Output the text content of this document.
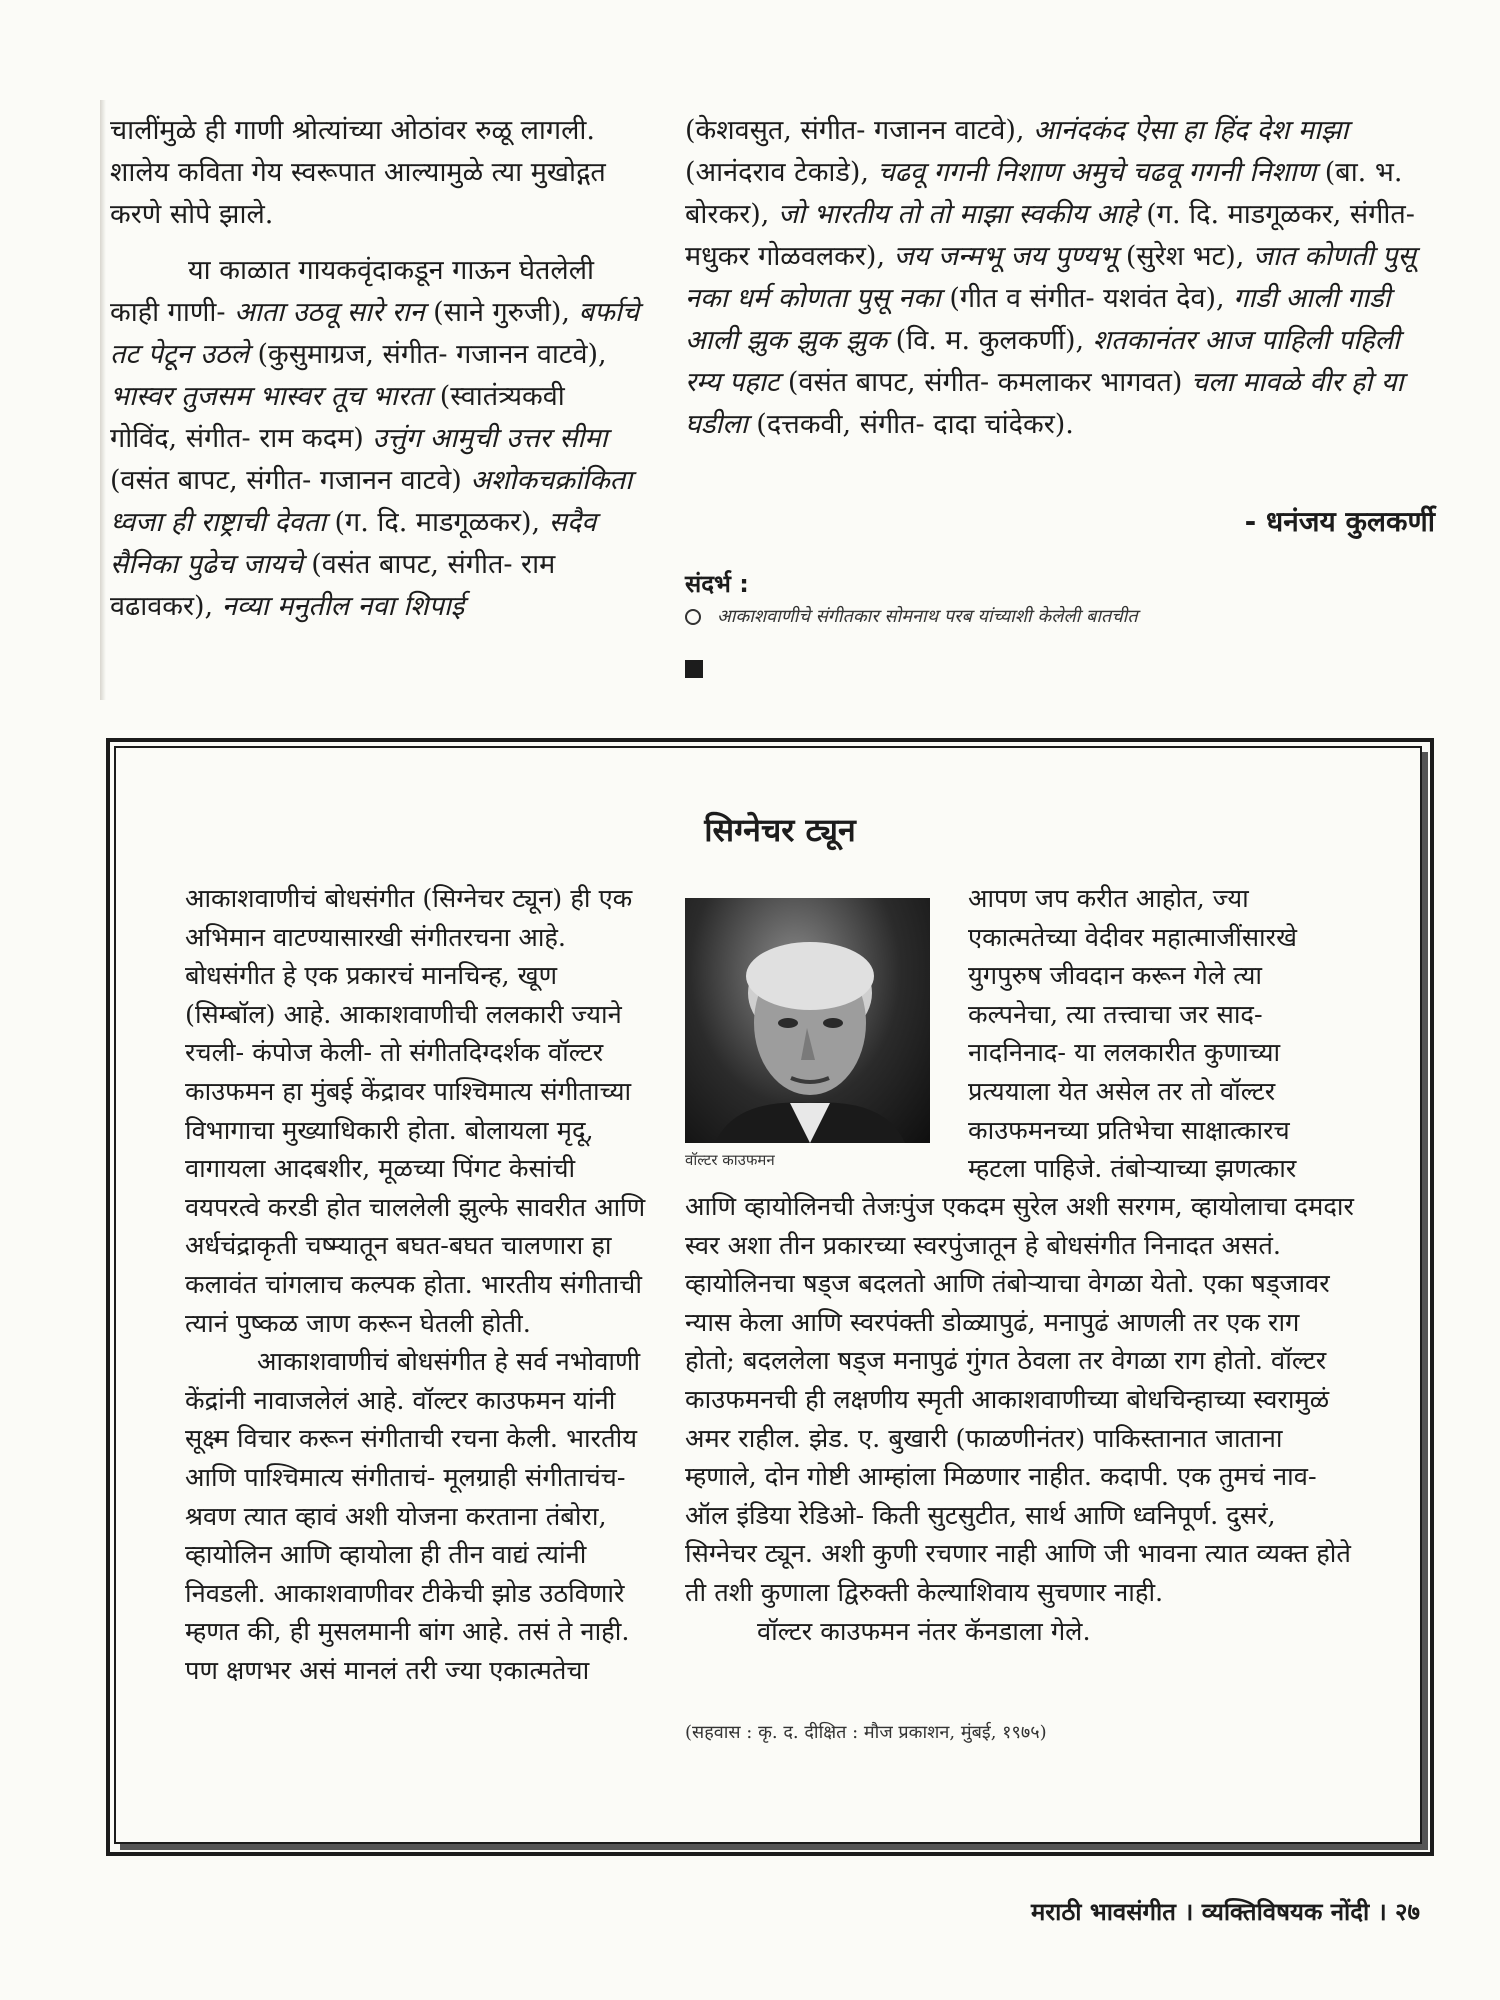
चालींमुळे ही गाणी श्रोत्यांच्या ओठांवर रुळू लागली. शालेय कविता गेय स्वरूपात आल्यामुळे त्या मुखोद्गत करणे सोपे झाले.

या काळात गायकवृंदाकडून गाऊन घेतलेली काही गाणी- आता उठवू सारे रान (साने गुरुजी), बर्फाचे तट पेटून उठले (कुसुमाग्रज, संगीत- गजानन वाटवे), भास्वर तुजसम भास्वर तूच भारता (स्वातंत्र्यकवी गोविंद, संगीत- राम कदम) उत्तुंग आमुची उत्तर सीमा (वसंत बापट, संगीत- गजानन वाटवे) अशोकचक्रांकिता ध्वजा ही राष्ट्राची देवता (ग. दि. माडगूळकर), सदैव सैनिका पुढेच जायचे (वसंत बापट, संगीत- राम वढावकर), नव्या मनुतील नवा शिपाई

(केशवसुत, संगीत- गजानन वाटवे), आनंदकंद ऐसा हा हिंद देश माझा (आनंदराव टेकाडे), चढवू गगनी निशाण अमुचे चढवू गगनी निशाण (बा. भ. बोरकर), जो भारतीय तो तो माझा स्वकीय आहे (ग. दि. माडगूळकर, संगीत- मधुकर गोळवलकर), जय जन्मभू जय पुण्यभू (सुरेश भट), जात कोणती पुसू नका धर्म कोणता पुसू नका (गीत व संगीत- यशवंत देव), गाडी आली गाडी आली झुक झुक झुक (वि. म. कुलकर्णी), शतकानंतर आज पाहिली पहिली रम्य पहाट (वसंत बापट, संगीत- कमलाकर भागवत) चला मावळे वीर हो या घडीला (दत्तकवी, संगीत- दादा चांदेकर).

- धनंजय कुलकर्णी
संदर्भ :
आकाशवाणीचे संगीतकार सोमनाथ परब यांच्याशी केलेली बातचीत
सिग्नेचर ट्यून

आकाशवाणीचं बोधसंगीत (सिग्नेचर ट्यून) ही एक अभिमान वाटण्यासारखी संगीतरचना आहे. बोधसंगीत हे एक प्रकारचं मानचिन्ह, खूण (सिम्बॉल) आहे. आकाशवाणीची ललकारी ज्याने रचली- कंपोज केली- तो संगीतदिग्दर्शक वॉल्टर काउफमन हा मुंबई केंद्रावर पाश्चिमात्य संगीताच्या विभागाचा मुख्याधिकारी होता. बोलायला मृदू, वागायला आदबशीर, मूळच्या पिंगट केसांची वयपरत्वे करडी होत चाललेली झुल्फे सावरीत आणि अर्धचंद्राकृती चष्म्यातून बघत-बघत चालणारा हा कलावंत चांगलाच कल्पक होता. भारतीय संगीताची त्यानं पुष्कळ जाण करून घेतली होती.

आकाशवाणीचं बोधसंगीत हे सर्व नभोवाणी केंद्रांनी नावाजलेलं आहे. वॉल्टर काउफमन यांनी सूक्ष्म विचार करून संगीताची रचना केली. भारतीय आणि पाश्चिमात्य संगीताचं- मूलग्राही संगीताचंच- श्रवण त्यात व्हावं अशी योजना करताना तंबोरा, व्हायोलिन आणि व्हायोला ही तीन वाद्यं त्यांनी निवडली. आकाशवाणीवर टीकेची झोड उठविणारे म्हणत की, ही मुसलमानी बांग आहे. तसं ते नाही. पण क्षणभर असं मानलं तरी ज्या एकात्मतेचा

वॉल्टर काउफमन

आपण जप करीत आहोत, ज्या एकात्मतेच्या वेदीवर महात्माजींसारखे युगपुरुष जीवदान करून गेले त्या कल्पनेचा, त्या तत्त्वाचा जर साद-नादनिनाद- या ललकारीत कुणाच्या प्रत्ययाला येत असेल तर तो वॉल्टर काउफमनच्या प्रतिभेचा साक्षात्कारच म्हटला पाहिजे. तंबोऱ्याच्या झणत्कार

आणि व्हायोलिनची तेजःपुंज एकदम सुरेल अशी सरगम, व्हायोलाचा दमदार स्वर अशा तीन प्रकारच्या स्वरपुंजातून हे बोधसंगीत निनादत असतं. व्हायोलिनचा षड्ज बदलतो आणि तंबोऱ्याचा वेगळा येतो. एका षड्जावर न्यास केला आणि स्वरपंक्ती डोळ्यापुढं, मनापुढं आणली तर एक राग होतो; बदललेला षड्ज मनापुढं गुंगत ठेवला तर वेगळा राग होतो. वॉल्टर काउफमनची ही लक्षणीय स्मृती आकाशवाणीच्या बोधचिन्हाच्या स्वरामुळं अमर राहील. झेड. ए. बुखारी (फाळणीनंतर) पाकिस्तानात जाताना म्हणाले, दोन गोष्टी आम्हांला मिळणार नाहीत. कदापी. एक तुमचं नाव- ऑल इंडिया रेडिओ- किती सुटसुटीत, सार्थ आणि ध्वनिपूर्ण. दुसरं, सिग्नेचर ट्यून. अशी कुणी रचणार नाही आणि जी भावना त्यात व्यक्त होते ती तशी कुणाला द्विरुक्ती केल्याशिवाय सुचणार नाही.

वॉल्टर काउफमन नंतर कॅनडाला गेले.

(सहवास : कृ. द. दीक्षित : मौज प्रकाशन, मुंबई, १९७५)
मराठी भावसंगीत । व्यक्तिविषयक नोंदी । २७
